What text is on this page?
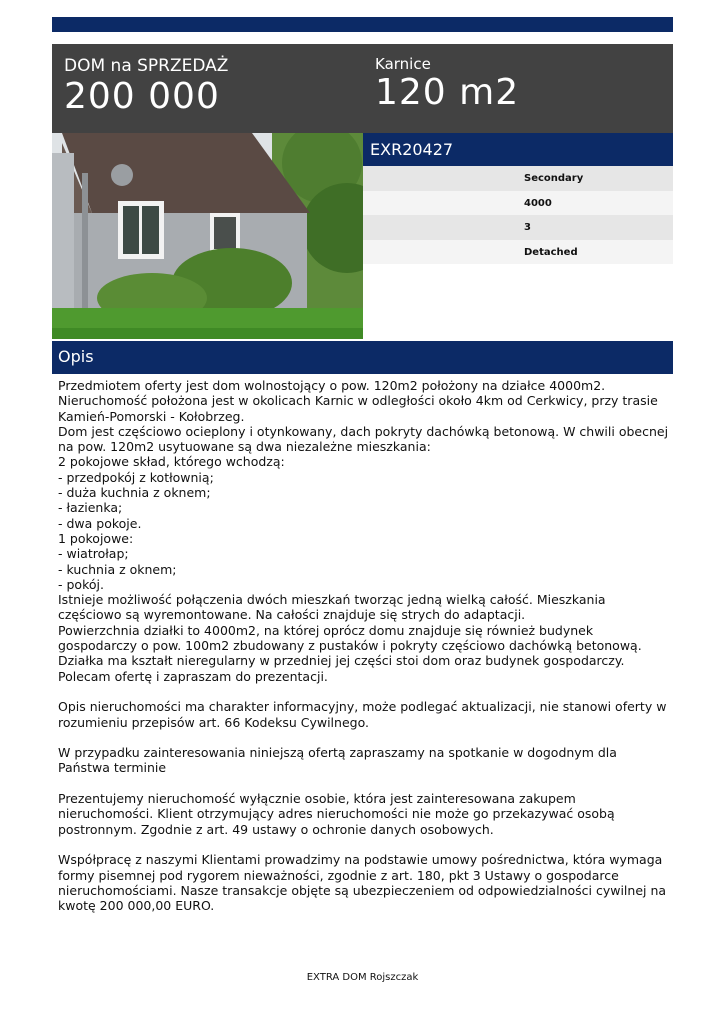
DOM na SPRZEDAŻ
200 000
Karnice
120 m2
EXR20427
Secondary
4000
3
Detached
Opis

Przedmiotem oferty jest dom wolnostojący o pow. 120m2 położony na działce 4000m2.

Nieruchomość położona jest w okolicach Karnic w odległości około 4km od Cerkwicy, przy trasie Kamień-Pomorski - Kołobrzeg.

Dom jest częściowo ocieplony i otynkowany, dach pokryty dachówką betonową. W chwili obecnej na pow. 120m2 usytuowane są dwa niezależne mieszkania:

2 pokojowe skład, którego wchodzą:

- przedpokój z kotłownią;

- duża kuchnia z oknem;

- łazienka;

- dwa pokoje.

1 pokojowe:

- wiatrołap;

- kuchnia z oknem;

- pokój.

Istnieje możliwość połączenia dwóch mieszkań tworząc jedną wielką całość. Mieszkania częściowo są wyremontowane. Na całości znajduje się strych do adaptacji.

Powierzchnia działki to 4000m2, na której oprócz domu znajduje się również budynek gospodarczy o pow. 100m2 zbudowany z pustaków i pokryty częściowo dachówką betonową. Działka ma kształt nieregularny w przedniej jej części stoi dom oraz budynek gospodarczy.

Polecam ofertę i zapraszam do prezentacji.

Opis nieruchomości ma charakter informacyjny, może podlegać aktualizacji, nie stanowi oferty w rozumieniu przepisów art. 66 Kodeksu Cywilnego.

W przypadku zainteresowania niniejszą ofertą zapraszamy na spotkanie w dogodnym dla Państwa terminie

Prezentujemy nieruchomość wyłącznie osobie, która jest zainteresowana zakupem nieruchomości. Klient otrzymujący adres nieruchomości nie może go przekazywać osobą postronnym. Zgodnie z art. 49 ustawy o ochronie danych osobowych.

Współpracę z naszymi Klientami prowadzimy na podstawie umowy pośrednictwa, która wymaga formy pisemnej pod rygorem nieważności, zgodnie z art. 180, pkt 3 Ustawy o gospodarce nieruchomościami. Nasze transakcje objęte są ubezpieczeniem od odpowiedzialności cywilnej na kwotę 200 000,00 EURO.

EXTRA DOM Rojszczak
